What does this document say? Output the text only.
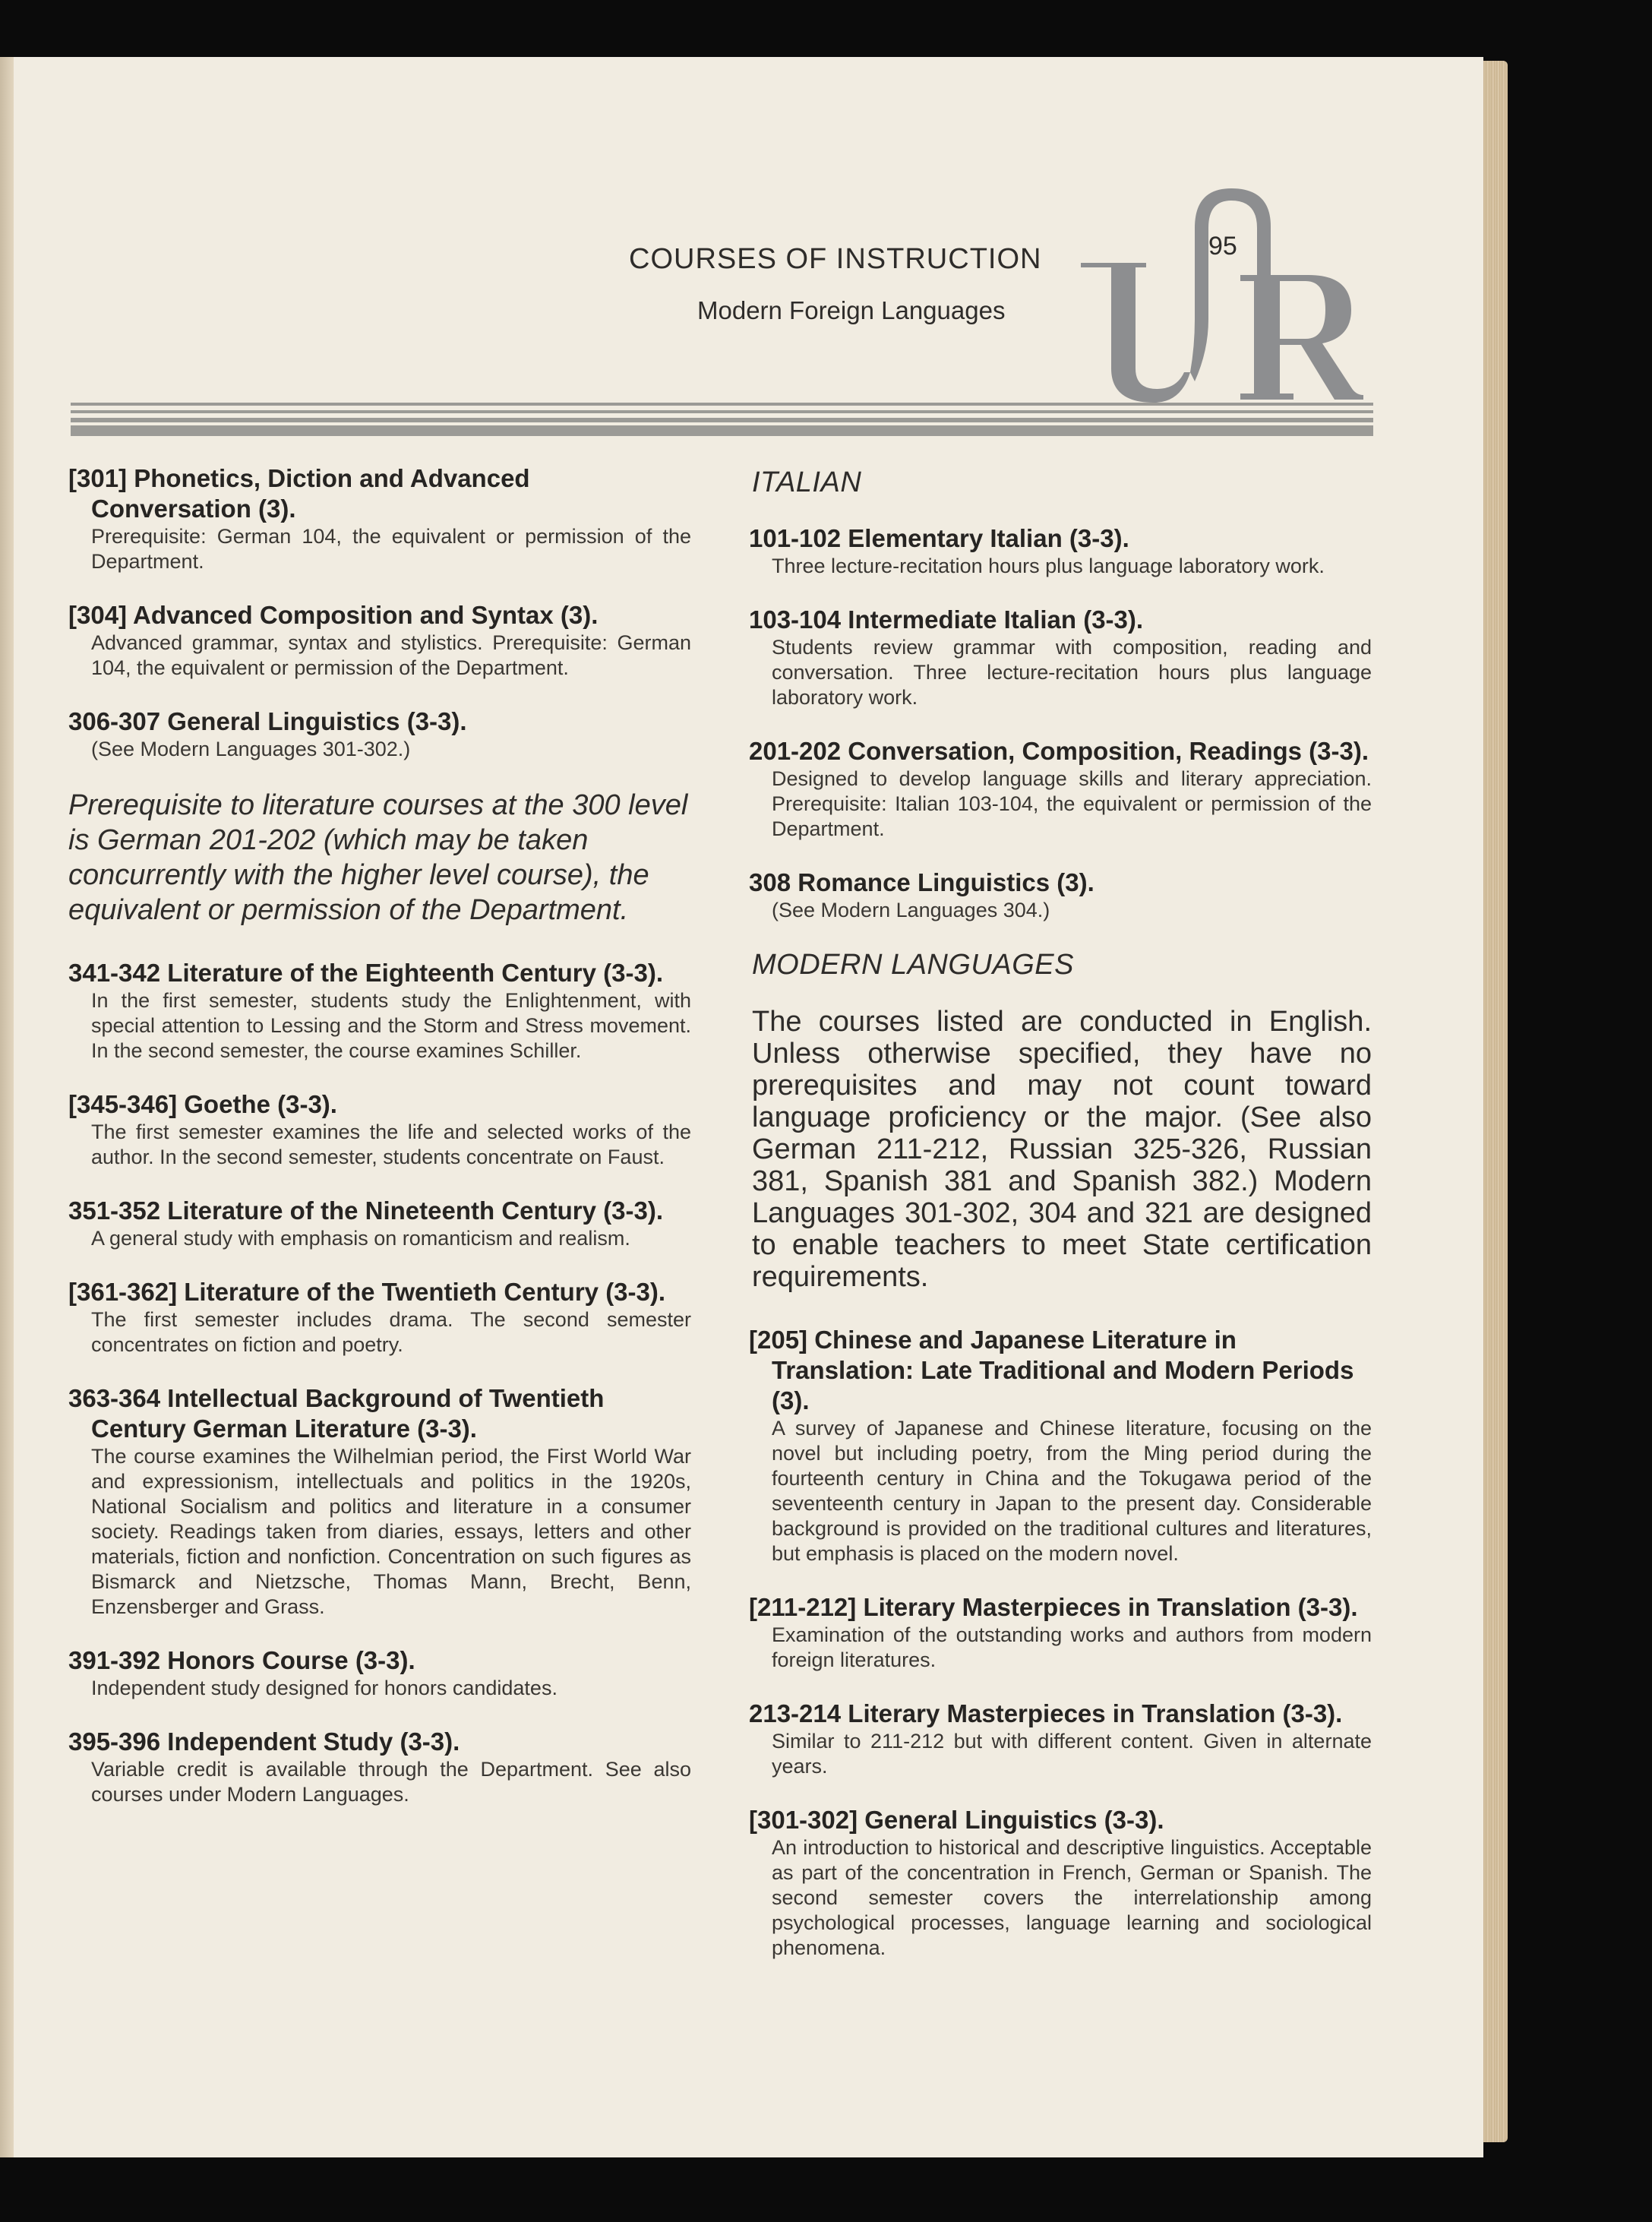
COURSES OF INSTRUCTION
Modern Foreign Languages
95
[301] Phonetics, Diction and Advanced Conversation (3).
Prerequisite: German 104, the equivalent or permission of the Department.
[304] Advanced Composition and Syntax (3).
Advanced grammar, syntax and stylistics. Prerequisite: German 104, the equivalent or permission of the Department.
306-307 General Linguistics (3-3).
(See Modern Languages 301-302.)
Prerequisite to literature courses at the 300 level is German 201-202 (which may be taken concurrently with the higher level course), the equivalent or permission of the Department.
341-342 Literature of the Eighteenth Century (3-3).
In the first semester, students study the Enlightenment, with special attention to Lessing and the Storm and Stress movement. In the second semester, the course examines Schiller.
[345-346] Goethe (3-3).
The first semester examines the life and selected works of the author. In the second semester, students concentrate on Faust.
351-352 Literature of the Nineteenth Century (3-3).
A general study with emphasis on romanticism and realism.
[361-362] Literature of the Twentieth Century (3-3).
The first semester includes drama. The second semester concentrates on fiction and poetry.
363-364 Intellectual Background of Twentieth Century German Literature (3-3).
The course examines the Wilhelmian period, the First World War and expressionism, intellectuals and politics in the 1920s, National Socialism and politics and literature in a consumer society. Readings taken from diaries, essays, letters and other materials, fiction and nonfiction. Concentration on such figures as Bismarck and Nietzsche, Thomas Mann, Brecht, Benn, Enzensberger and Grass.
391-392 Honors Course (3-3).
Independent study designed for honors candidates.
395-396 Independent Study (3-3).
Variable credit is available through the Department. See also courses under Modern Languages.
ITALIAN
101-102 Elementary Italian (3-3).
Three lecture-recitation hours plus language laboratory work.
103-104 Intermediate Italian (3-3).
Students review grammar with composition, reading and conversation. Three lecture-recitation hours plus language laboratory work.
201-202 Conversation, Composition, Readings (3-3).
Designed to develop language skills and literary appreciation. Prerequisite: Italian 103-104, the equivalent or permission of the Department.
308 Romance Linguistics (3).
(See Modern Languages 304.)
MODERN LANGUAGES
The courses listed are conducted in English. Unless otherwise specified, they have no prerequisites and may not count toward language proficiency or the major. (See also German 211-212, Russian 325-326, Russian 381, Spanish 381 and Spanish 382.) Modern Languages 301-302, 304 and 321 are designed to enable teachers to meet State certification requirements.
[205] Chinese and Japanese Literature in Translation: Late Traditional and Modern Periods (3).
A survey of Japanese and Chinese literature, focusing on the novel but including poetry, from the Ming period during the fourteenth century in China and the Tokugawa period of the seventeenth century in Japan to the present day. Considerable background is provided on the traditional cultures and literatures, but emphasis is placed on the modern novel.
[211-212] Literary Masterpieces in Translation (3-3).
Examination of the outstanding works and authors from modern foreign literatures.
213-214 Literary Masterpieces in Translation (3-3).
Similar to 211-212 but with different content. Given in alternate years.
[301-302] General Linguistics (3-3).
An introduction to historical and descriptive linguistics. Acceptable as part of the concentration in French, German or Spanish. The second semester covers the interrelationship among psychological processes, language learning and sociological phenomena.
